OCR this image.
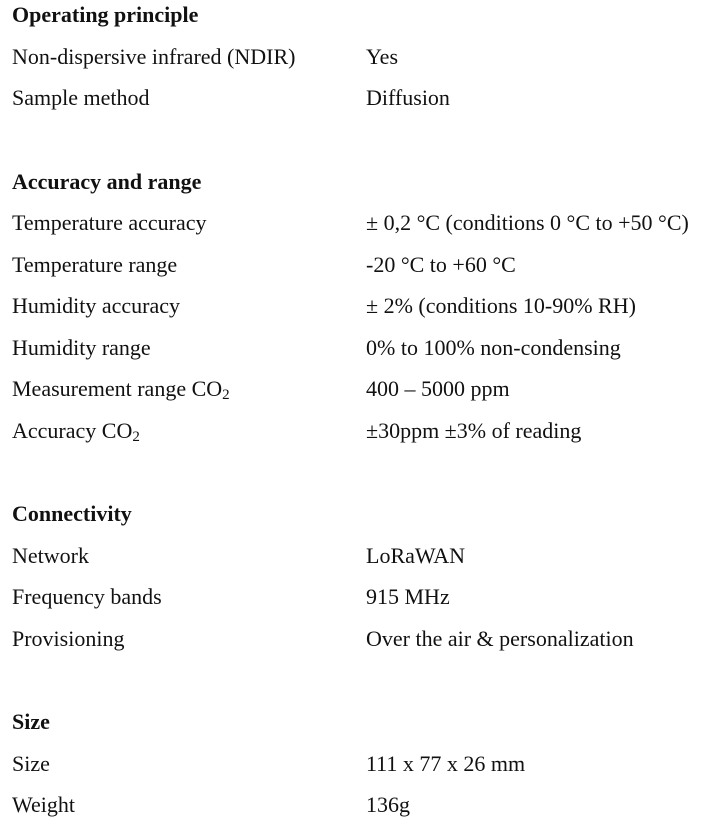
Operating principle
Non-dispersive infrared (NDIR)	Yes
Sample method	Diffusion
Accuracy and range
Temperature accuracy	± 0,2 °C (conditions 0 °C to +50 °C)
Temperature range	-20 °C to +60 °C
Humidity accuracy	± 2% (conditions 10-90% RH)
Humidity range	0% to 100% non-condensing
Measurement range $CO_2$	400 – 5000 ppm
Accuracy $CO_2$	±30ppm ±3% of reading
Connectivity
Network	LoRaWAN
Frequency bands	915 MHz
Provisioning	Over the air & personalization
Size
Size	111 x 77 x 26 mm
Weight	136g
